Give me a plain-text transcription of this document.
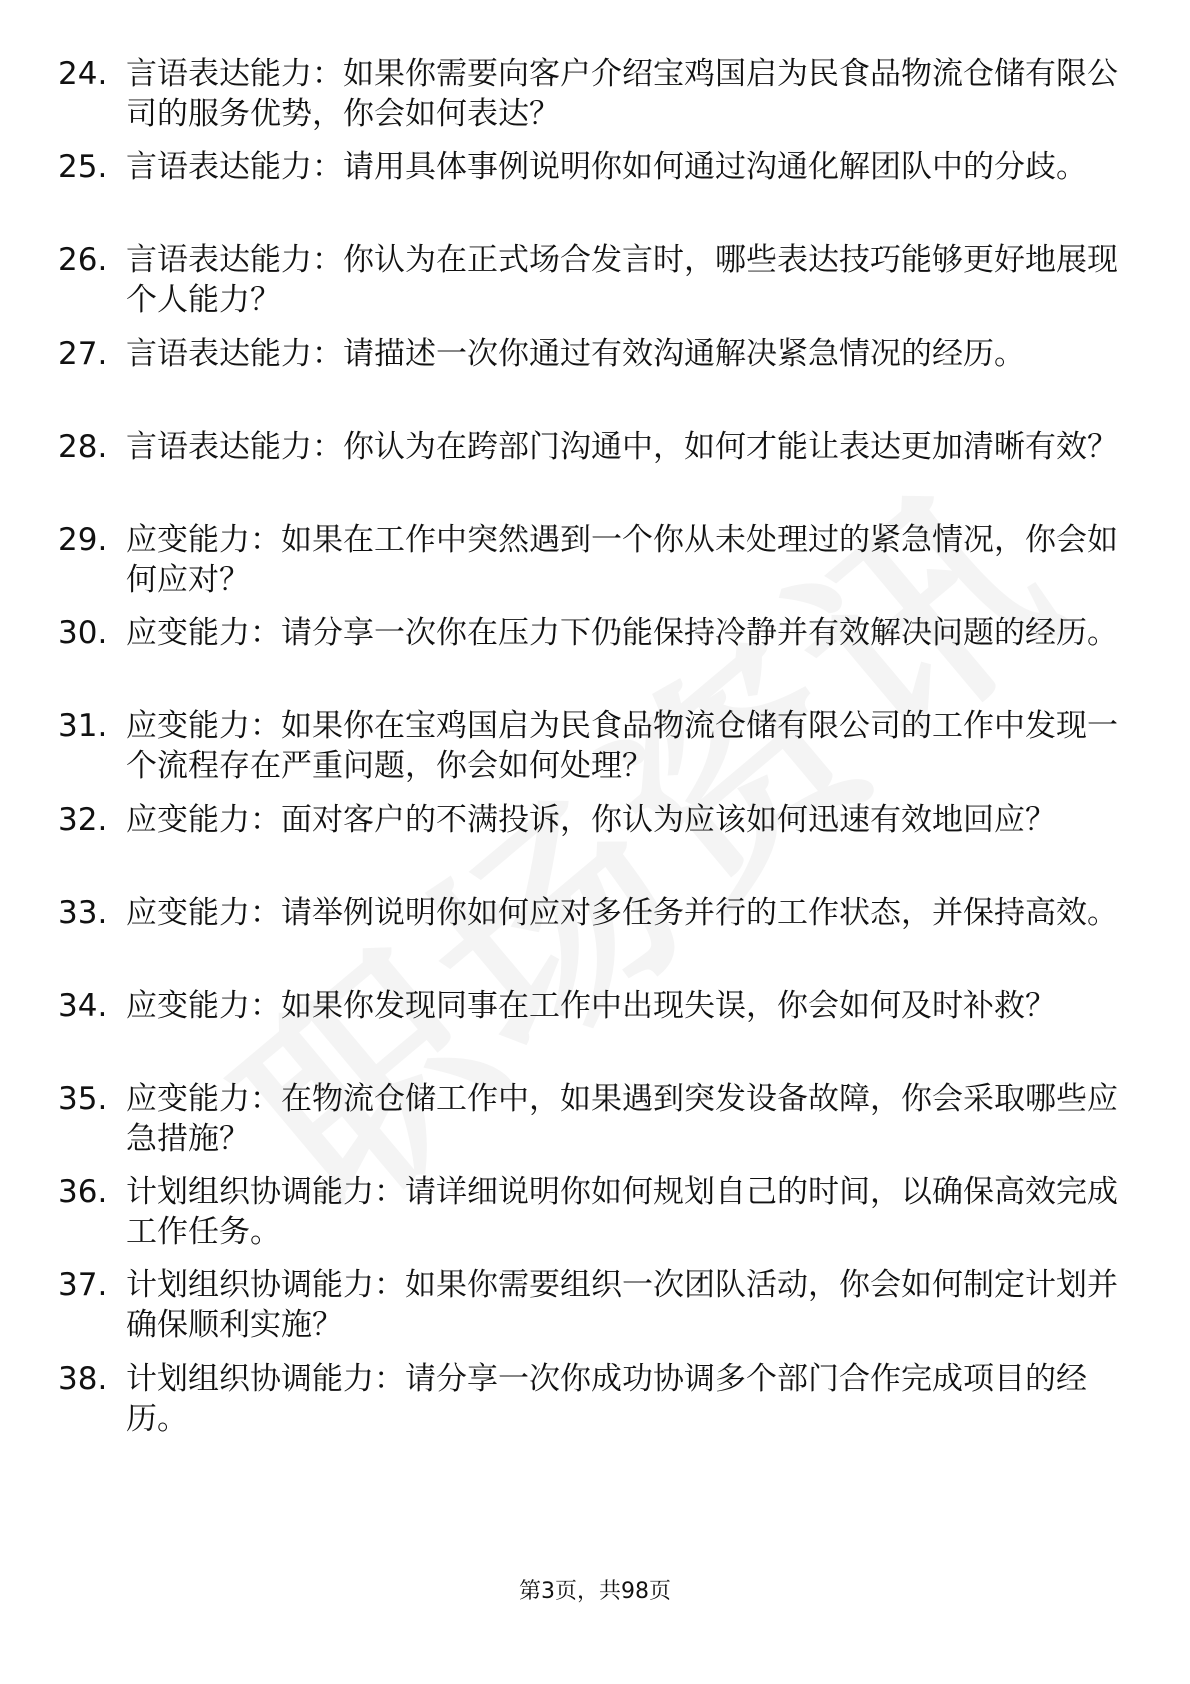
24. 言语表达能力：如果你需要向客户介绍宝鸡国启为民食品物流仓储有限公司的服务优势，你会如何表达？
25. 言语表达能力：请用具体事例说明你如何通过沟通化解团队中的分歧。
26. 言语表达能力：你认为在正式场合发言时，哪些表达技巧能够更好地展现个人能力？
27. 言语表达能力：请描述一次你通过有效沟通解决紧急情况的经历。
28. 言语表达能力：你认为在跨部门沟通中，如何才能让表达更加清晰有效？
29. 应变能力：如果在工作中突然遇到一个你从未处理过的紧急情况，你会如何应对？
30. 应变能力：请分享一次你在压力下仍能保持冷静并有效解决问题的经历。
31. 应变能力：如果你在宝鸡国启为民食品物流仓储有限公司的工作中发现一个流程存在严重问题，你会如何处理？
32. 应变能力：面对客户的不满投诉，你认为应该如何迅速有效地回应？
33. 应变能力：请举例说明你如何应对多任务并行的工作状态，并保持高效。
34. 应变能力：如果你发现同事在工作中出现失误，你会如何及时补救？
35. 应变能力：在物流仓储工作中，如果遇到突发设备故障，你会采取哪些应急措施？
36. 计划组织协调能力：请详细说明你如何规划自己的时间，以确保高效完成工作任务。
37. 计划组织协调能力：如果你需要组织一次团队活动，你会如何制定计划并确保顺利实施？
38. 计划组织协调能力：请分享一次你成功协调多个部门合作完成项目的经历。
第3页，共98页
